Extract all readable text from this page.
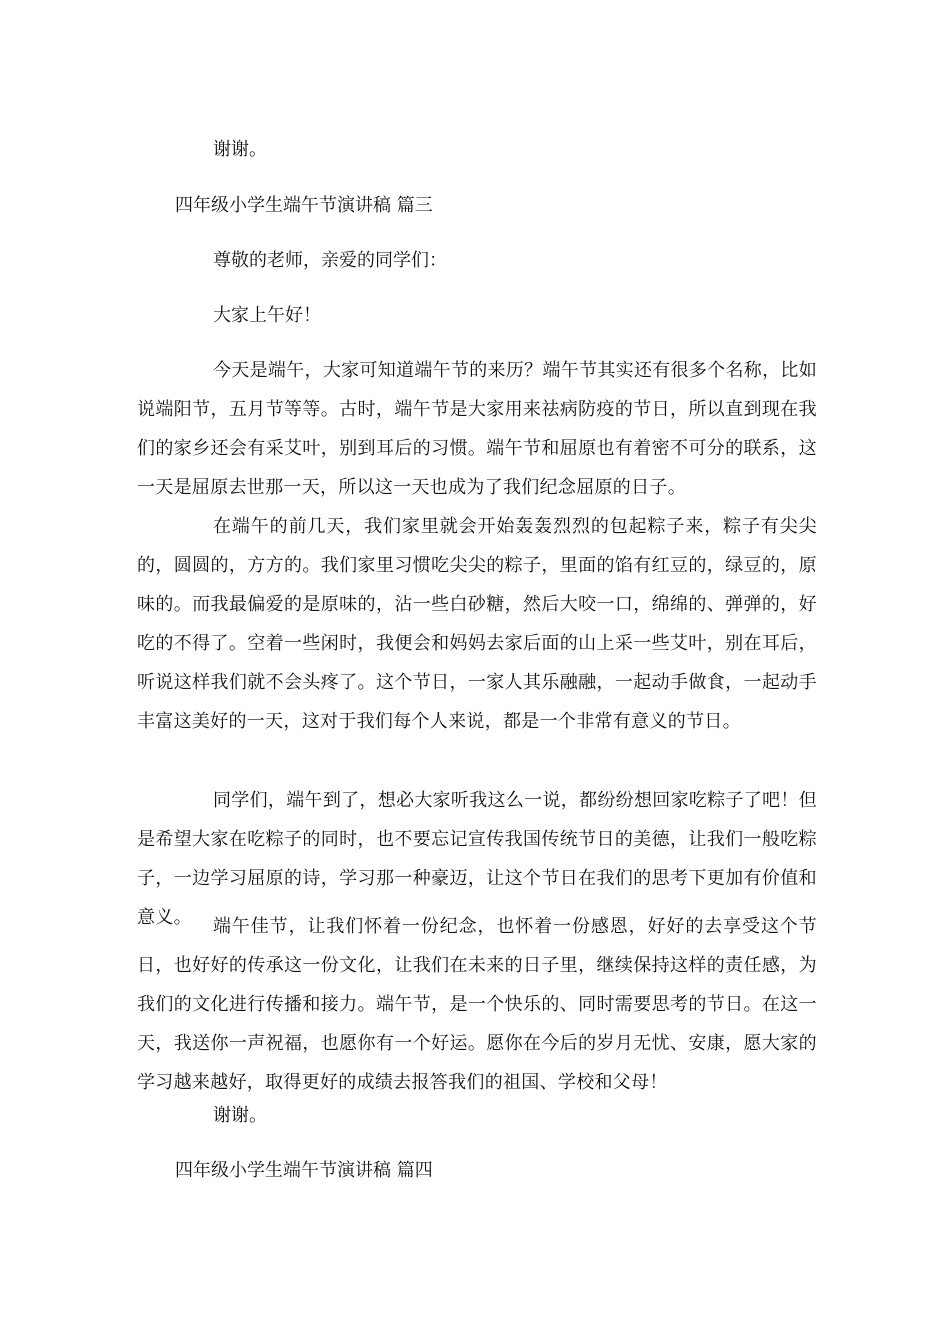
谢谢。

四年级小学生端午节演讲稿 篇三

尊敬的老师，亲爱的同学们：

大家上午好！

今天是端午，大家可知道端午节的来历？端午节其实还有很多个名称，比如说端阳节，五月节等等。古时，端午节是大家用来祛病防疫的节日，所以直到现在我们的家乡还会有采艾叶，别到耳后的习惯。端午节和屈原也有着密不可分的联系，这一天是屈原去世那一天，所以这一天也成为了我们纪念屈原的日子。

在端午的前几天，我们家里就会开始轰轰烈烈的包起粽子来，粽子有尖尖的，圆圆的，方方的。我们家里习惯吃尖尖的粽子，里面的馅有红豆的，绿豆的，原味的。而我最偏爱的是原味的，沾一些白砂糖，然后大咬一口，绵绵的、弹弹的，好吃的不得了。空着一些闲时，我便会和妈妈去家后面的山上采一些艾叶，别在耳后，听说这样我们就不会头疼了。这个节日，一家人其乐融融，一起动手做食，一起动手丰富这美好的一天，这对于我们每个人来说，都是一个非常有意义的节日。

同学们，端午到了，想必大家听我这么一说，都纷纷想回家吃粽子了吧！但是希望大家在吃粽子的同时，也不要忘记宣传我国传统节日的美德，让我们一般吃粽子，一边学习屈原的诗，学习那一种豪迈，让这个节日在我们的思考下更加有价值和意义。	端午佳节，让我们怀着一份纪念，也怀着一份感恩，好好的去享受这个节日，也好好的传承这一份文化，让我们在未来的日子里，继续保持这样的责任感，为我们的文化进行传播和接力。端午节，是一个快乐的、同时需要思考的节日。在这一天，我送你一声祝福，也愿你有一个好运。愿你在今后的岁月无忧、安康，愿大家的学习越来越好，取得更好的成绩去报答我们的祖国、学校和父母！

谢谢。

四年级小学生端午节演讲稿 篇四
